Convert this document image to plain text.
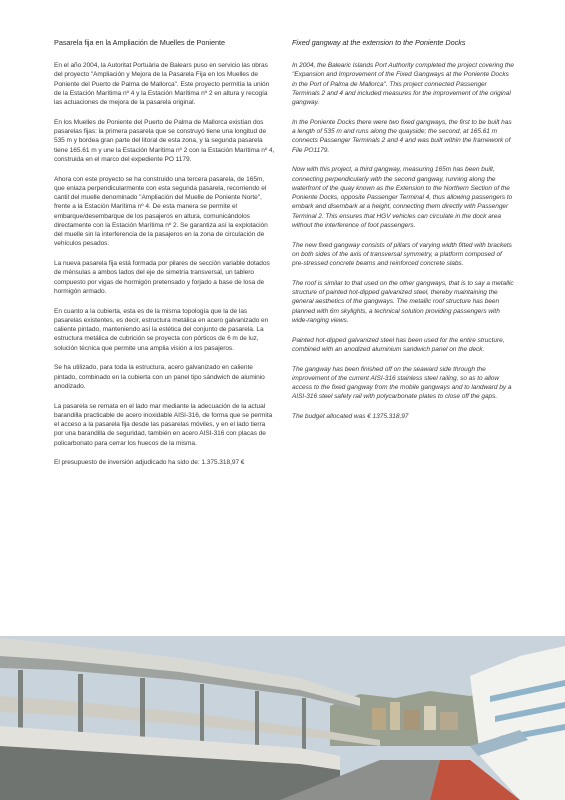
Pasarela fija en la Ampliación de Muelles de Poniente

En el año 2004, la Autoritat Portuària de Balears puso en servicio las obras del proyecto "Ampliación y Mejora de la Pasarela Fija en los Muelles de Poniente del Puerto de Palma de Mallorca". Este proyecto permitía la unión de la Estación Marítima nº 4 y la Estación Marítima nº 2 en altura y recogía las actuaciones de mejora de la pasarela original.

En los Muelles de Poniente del Puerto de Palma de Mallorca existían dos pasarelas fijas: la primera pasarela que se construyó tiene una longitud de 535 m y bordea gran parte del litoral de esta zona, y la segunda pasarela tiene 165.61 m y une la Estación Marítima nº 2 con la Estación Marítima nº 4, construida en el marco del expediente PO 1179.

Ahora con este proyecto se ha construido una tercera pasarela, de 165m, que enlaza perpendicularmente con esta segunda pasarela, recorriendo el cantil del muelle denominado "Ampliación del Muelle de Poniente Norte", frente a la Estación Marítima nº 4. De esta manera se permite el embarque/desembarque de los pasajeros en altura, comunicándolos directamente con la Estación Marítima nº 2. Se garantiza así la explotación del muelle sin la interferencia de la pasajeros en la zona de circulación de vehículos pesados.

La nueva pasarela fija está formada por pilares de sección variable dotados de ménsulas a ambos lados del eje de simetría transversal, un tablero compuesto por vigas de hormigón pretensado y forjado a base de losa de hormigón armado.

En cuanto a la cubierta, esta es de la misma topología que la de las pasarelas existentes, es decir, estructura metálica en acero galvanizado en caliente pintado, manteniendo así la estética del conjunto de pasarela. La estructura metálica de cubrición se proyecta con pórticos de 6 m de luz, solución técnica que permite una amplia visión a los pasajeros.

Se ha utilizado, para toda la estructura, acero galvanizado en caliente pintado, combinado en la cubierta con un panel tipo sándwich de aluminio anodizado.

La pasarela se remata en el lado mar mediante la adecuación de la actual barandilla practicable de acero inoxidable AISI-316, de forma que se permita el acceso a la pasarela fija desde las pasarelas móviles, y en el lado tierra por una barandilla de seguridad, también en acero AISI-316 con placas de policarbonato para cerrar los huecos de la misma.

El presupuesto de inversión adjudicado ha sido de: 1.375.318,97 €

Fixed gangway at the extension to the Poniente Docks

In 2004, the Balearic Islands Port Authority completed the project covering the "Expansion and Improvement of the Fixed Gangways at the Poniente Docks in the Port of Palma de Mallorca". This project connected Passenger Terminals 2 and 4 and included measures for the improvement of the original gangway.

In the Poniente Docks there were two fixed gangways, the first to be built has a length of 535 m and runs along the quayside; the second, at 165.61 m connects Passenger Terminals 2 and 4 and was built within the framework of File PO1179.

Now with this project, a third gangway, measuring 165m has been built, connecting perpendicularly with the second gangway, running along the waterfront of the quay known as the Extension to the Northern Section of the Poniente Docks, opposite Passenger Terminal 4, thus allowing passengers to embark and disembark at a height, connecting them directly with Passenger Terminal 2. This ensures that HGV vehicles can circulate in the dock area without the interference of foot passengers.

The new fixed gangway consists of pillars of varying width fitted with brackets on both sides of the axis of transversal symmetry, a platform composed of pre-stressed concrete beams and reinforced concrete slabs.

The roof is similar to that used on the other gangways, that is to say a metallic structure of painted hot-dipped galvanized steel, thereby maintaining the general aesthetics of the gangways. The metallic roof structure has been planned with 6m skylights, a technical solution providing passengers with wide-ranging views.

Painted hot-dipped galvanized steel has been used for the entire structure, combined with an anodized aluminium sandwich panel on the deck.

The gangway has been finished off on the seaward side through the improvement of the current AISI-316 stainless steel railing, so as to allow access to the fixed gangway from the mobile gangways and to landward by a AISI-316 steel safety rail with polycarbonate plates to close off the gaps.

The budget allocated was € 1375.318,97
